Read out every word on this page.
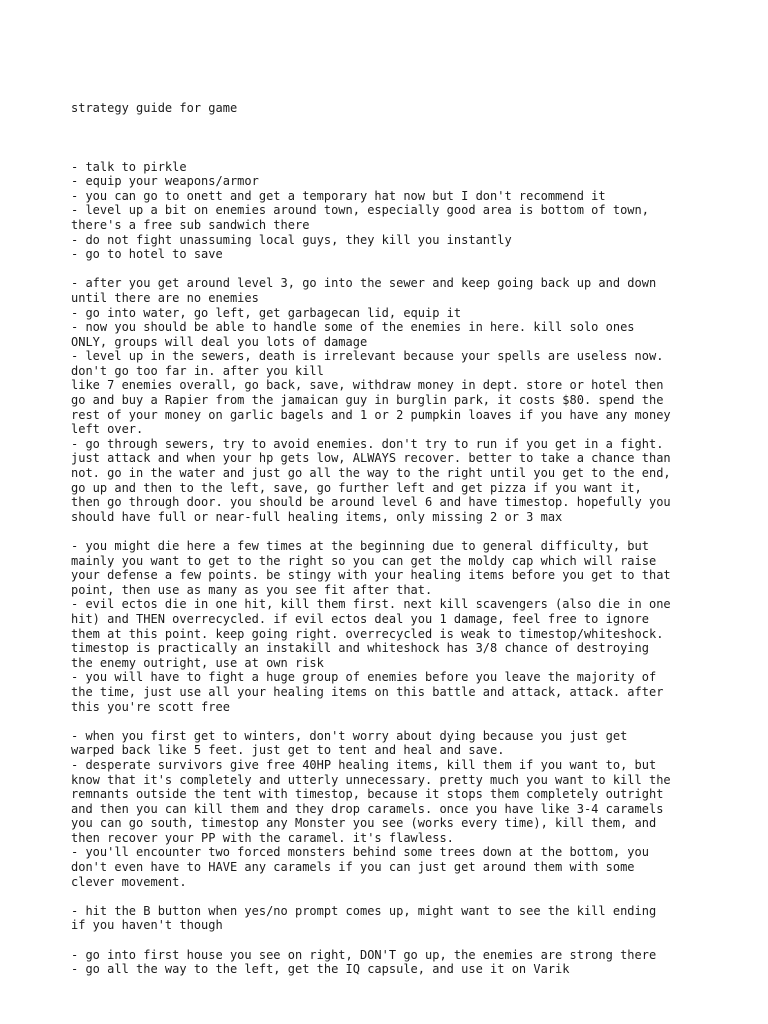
strategy guide for game

- talk to pirkle
- equip your weapons/armor
- you can go to onett and get a temporary hat now but I don't recommend it
- level up a bit on enemies around town, especially good area is bottom of town,
there's a free sub sandwich there
- do not fight unassuming local guys, they kill you instantly
- go to hotel to save
- after you get around level 3, go into the sewer and keep going back up and down
until there are no enemies
- go into water, go left, get garbagecan lid, equip it
- now you should be able to handle some of the enemies in here. kill solo ones
ONLY, groups will deal you lots of damage
- level up in the sewers, death is irrelevant because your spells are useless now.
don't go too far in. after you kill
like 7 enemies overall, go back, save, withdraw money in dept. store or hotel then
go and buy a Rapier from the jamaican guy in burglin park, it costs $80. spend the
rest of your money on garlic bagels and 1 or 2 pumpkin loaves if you have any money
left over.
- go through sewers, try to avoid enemies. don't try to run if you get in a fight.
just attack and when your hp gets low, ALWAYS recover. better to take a chance than
not. go in the water and just go all the way to the right until you get to the end,
go up and then to the left, save, go further left and get pizza if you want it,
then go through door. you should be around level 6 and have timestop. hopefully you
should have full or near-full healing items, only missing 2 or 3 max
- you might die here a few times at the beginning due to general difficulty, but
mainly you want to get to the right so you can get the moldy cap which will raise
your defense a few points. be stingy with your healing items before you get to that
point, then use as many as you see fit after that.
- evil ectos die in one hit, kill them first. next kill scavengers (also die in one
hit) and THEN overrecycled. if evil ectos deal you 1 damage, feel free to ignore
them at this point. keep going right. overrecycled is weak to timestop/whiteshock.
timestop is practically an instakill and whiteshock has 3/8 chance of destroying
the enemy outright, use at own risk
- you will have to fight a huge group of enemies before you leave the majority of
the time, just use all your healing items on this battle and attack, attack. after
this you're scott free
- when you first get to winters, don't worry about dying because you just get
warped back like 5 feet. just get to tent and heal and save.
- desperate survivors give free 40HP healing items, kill them if you want to, but
know that it's completely and utterly unnecessary. pretty much you want to kill the
remnants outside the tent with timestop, because it stops them completely outright
and then you can kill them and they drop caramels. once you have like 3-4 caramels
you can go south, timestop any Monster you see (works every time), kill them, and
then recover your PP with the caramel. it's flawless.
- you'll encounter two forced monsters behind some trees down at the bottom, you
don't even have to HAVE any caramels if you can just get around them with some
clever movement.
- hit the B button when yes/no prompt comes up, might want to see the kill ending
if you haven't though
- go into first house you see on right, DON'T go up, the enemies are strong there
- go all the way to the left, get the IQ capsule, and use it on Varik
